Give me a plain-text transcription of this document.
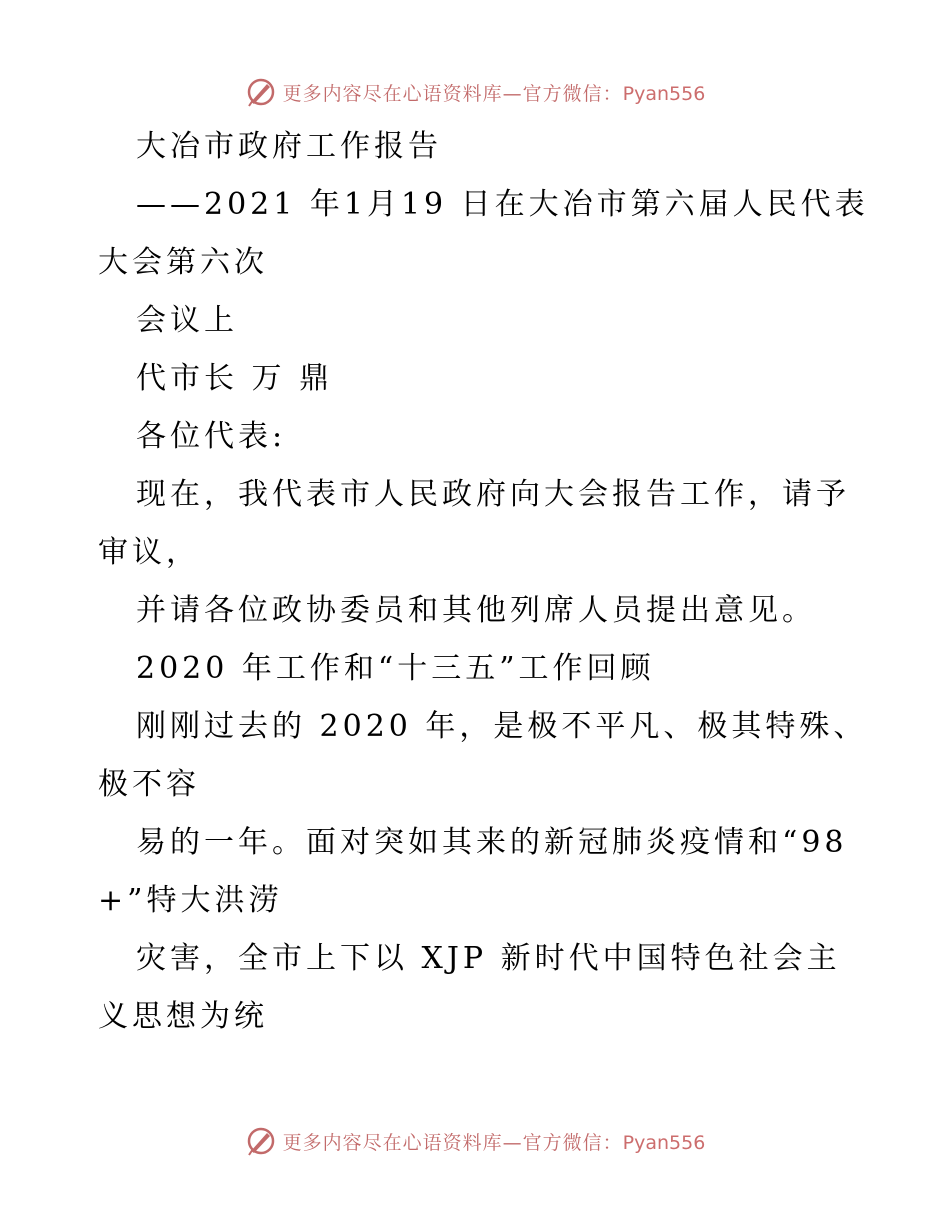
更多内容尽在心语资料库—官方微信：Pyan556
大冶市政府工作报告
——2021 年1月19 日在大冶市第六届人民代表
大会第六次
会议上
代市长 万 鼎
各位代表:
现在，我代表市人民政府向大会报告工作，请予
审议，
并请各位政协委员和其他列席人员提出意见。
2020 年工作和“十三五”工作回顾
刚刚过去的 2020 年，是极不平凡、极其特殊、
极不容
易的一年。面对突如其来的新冠肺炎疫情和“98
+”特大洪涝
灾害，全市上下以 XJP 新时代中国特色社会主
义思想为统
更多内容尽在心语资料库—官方微信：Pyan556
